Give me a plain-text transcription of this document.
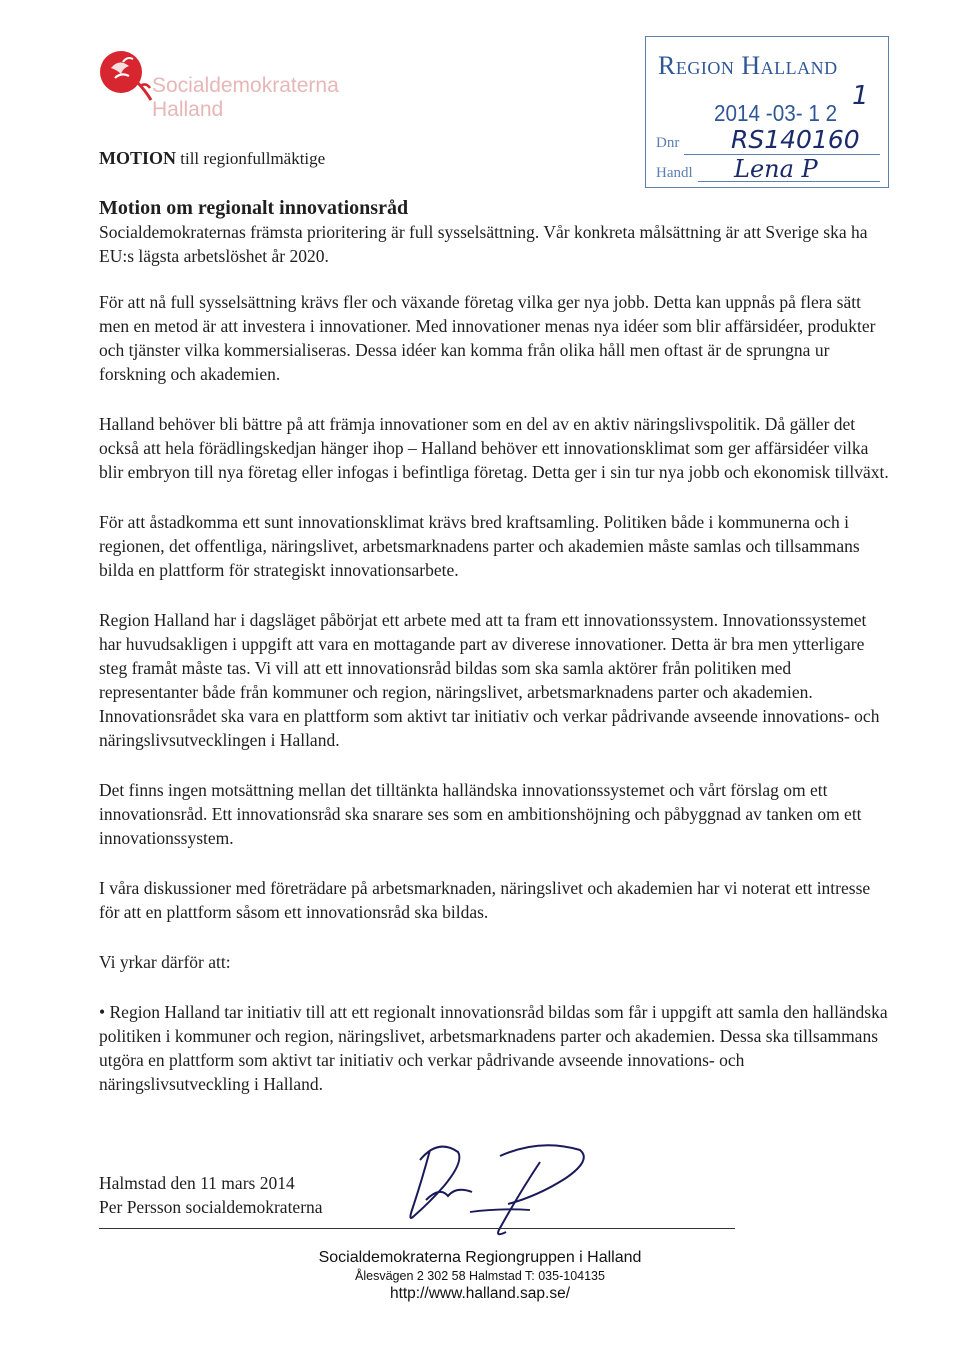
Socialdemokraterna
Halland
Region Halland
1
2014 -03- 1 2
Dnr RS140160
Handl Lena P
MOTION till regionfullmäktige
Motion om regionalt innovationsråd

Socialdemokraternas främsta prioritering är full sysselsättning. Vår konkreta målsättning är att Sverige ska ha EU:s lägsta arbetslöshet år 2020.

För att nå full sysselsättning krävs fler och växande företag vilka ger nya jobb. Detta kan uppnås på flera sätt men en metod är att investera i innovationer. Med innovationer menas nya idéer som blir affärsidéer, produkter och tjänster vilka kommersialiseras. Dessa idéer kan komma från olika håll men oftast är de sprungna ur forskning och akademien.

Halland behöver bli bättre på att främja innovationer som en del av en aktiv näringslivspolitik. Då gäller det också att hela förädlingskedjan hänger ihop – Halland behöver ett innovationsklimat som ger affärsidéer vilka blir embryon till nya företag eller infogas i befintliga företag. Detta ger i sin tur nya jobb och ekonomisk tillväxt.

För att åstadkomma ett sunt innovationsklimat krävs bred kraftsamling. Politiken både i kommunerna och i regionen, det offentliga, näringslivet, arbetsmarknadens parter och akademien måste samlas och tillsammans bilda en plattform för strategiskt innovationsarbete.

Region Halland har i dagsläget påbörjat ett arbete med att ta fram ett innovationssystem. Innovationssystemet har huvudsakligen i uppgift att vara en mottagande part av diverese innovationer. Detta är bra men ytterligare steg framåt måste tas. Vi vill att ett innovationsråd bildas som ska samla aktörer från politiken med representanter både från kommuner och region, näringslivet, arbetsmarknadens parter och akademien. Innovationsrådet ska vara en plattform som aktivt tar initiativ och verkar pådrivande avseende innovations- och näringslivsutvecklingen i Halland.

Det finns ingen motsättning mellan det tilltänkta halländska innovationssystemet och vårt förslag om ett innovationsråd. Ett innovationsråd ska snarare ses som en ambitionshöjning och påbyggnad av tanken om ett innovationssystem.

I våra diskussioner med företrädare på arbetsmarknaden, näringslivet och akademien har vi noterat ett intresse för att en plattform såsom ett innovationsråd ska bildas.

Vi yrkar därför att:

• Region Halland tar initiativ till att ett regionalt innovationsråd bildas som får i uppgift att samla den halländska politiken i kommuner och region, näringslivet, arbetsmarknadens parter och akademien. Dessa ska tillsammans utgöra en plattform som aktivt tar initiativ och verkar pådrivande avseende innovations- och näringslivsutveckling i Halland.

Halmstad den 11 mars 2014
Per Persson socialdemokraterna
Socialdemokraterna Regiongruppen i Halland
Ålesvägen 2 302 58 Halmstad T: 035-104135
http://www.halland.sap.se/
